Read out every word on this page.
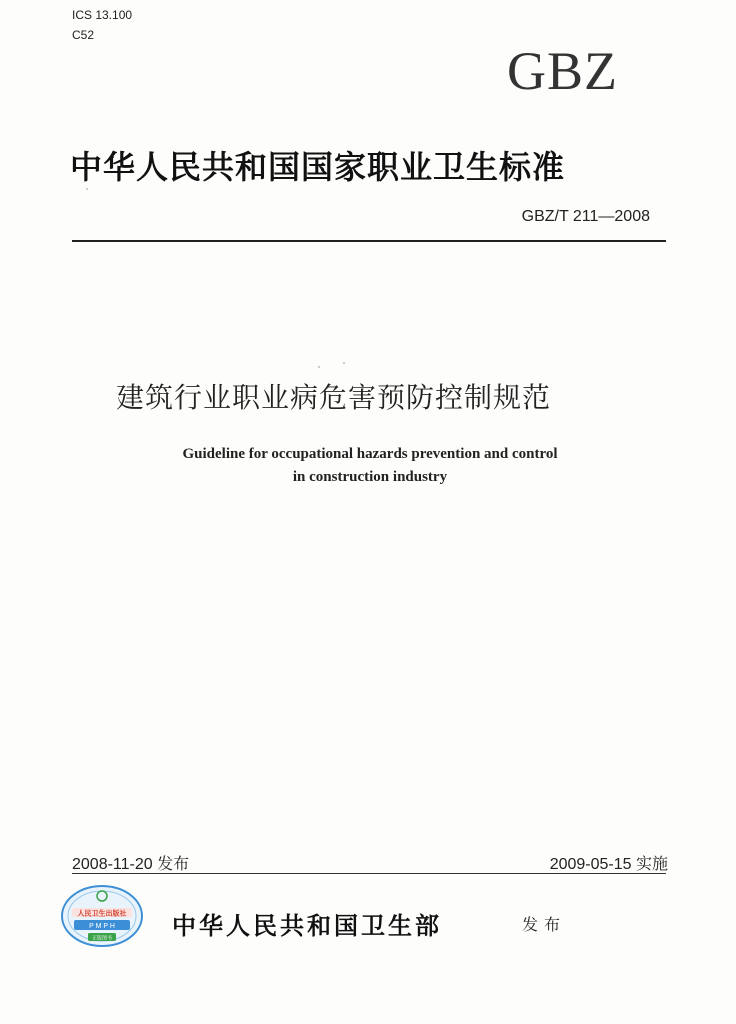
ICS 13.100
C52
GBZ
中华人民共和国国家职业卫生标准
GBZ/T 211—2008
建筑行业职业病危害预防控制规范
Guideline for occupational hazards prevention and control
in construction industry
2008-11-20 发布	2009-05-15 实施
人民卫生出版社
P M P H
正版图书 中华人民共和国卫生部	发布
